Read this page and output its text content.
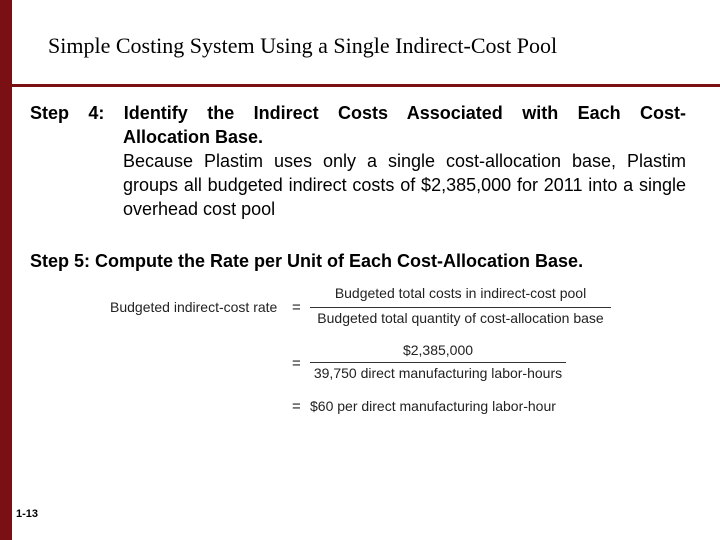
Simple Costing System Using a Single Indirect-Cost Pool
Step 4: Identify the Indirect Costs Associated with Each Cost-
Allocation Base.
Because Plastim uses only a single cost-allocation base, Plastim groups all budgeted indirect costs of $2,385,000 for 2011 into a single overhead cost pool
Step 5: Compute the Rate per Unit of Each Cost-Allocation Base.
Budgeted indirect-cost rate =
Budgeted total costs in indirect-cost pool
Budgeted total quantity of cost-allocation base
=
$2,385,000
39,750 direct manufacturing labor-hours
= $60 per direct manufacturing labor-hour
1-13
